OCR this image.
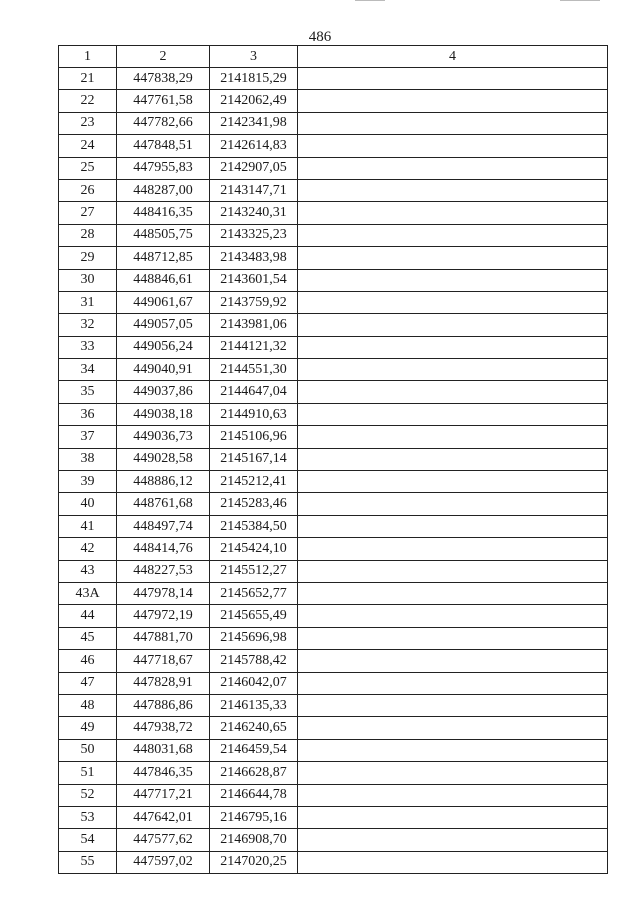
486
1	2	3	4
21	447838,29	2141815,29	
22	447761,58	2142062,49	
23	447782,66	2142341,98	
24	447848,51	2142614,83	
25	447955,83	2142907,05	
26	448287,00	2143147,71	
27	448416,35	2143240,31	
28	448505,75	2143325,23	
29	448712,85	2143483,98	
30	448846,61	2143601,54	
31	449061,67	2143759,92	
32	449057,05	2143981,06	
33	449056,24	2144121,32	
34	449040,91	2144551,30	
35	449037,86	2144647,04	
36	449038,18	2144910,63	
37	449036,73	2145106,96	
38	449028,58	2145167,14	
39	448886,12	2145212,41	
40	448761,68	2145283,46	
41	448497,74	2145384,50	
42	448414,76	2145424,10	
43	448227,53	2145512,27	
43A	447978,14	2145652,77	
44	447972,19	2145655,49	
45	447881,70	2145696,98	
46	447718,67	2145788,42	
47	447828,91	2146042,07	
48	447886,86	2146135,33	
49	447938,72	2146240,65	
50	448031,68	2146459,54	
51	447846,35	2146628,87	
52	447717,21	2146644,78	
53	447642,01	2146795,16	
54	447577,62	2146908,70	
55	447597,02	2147020,25	
